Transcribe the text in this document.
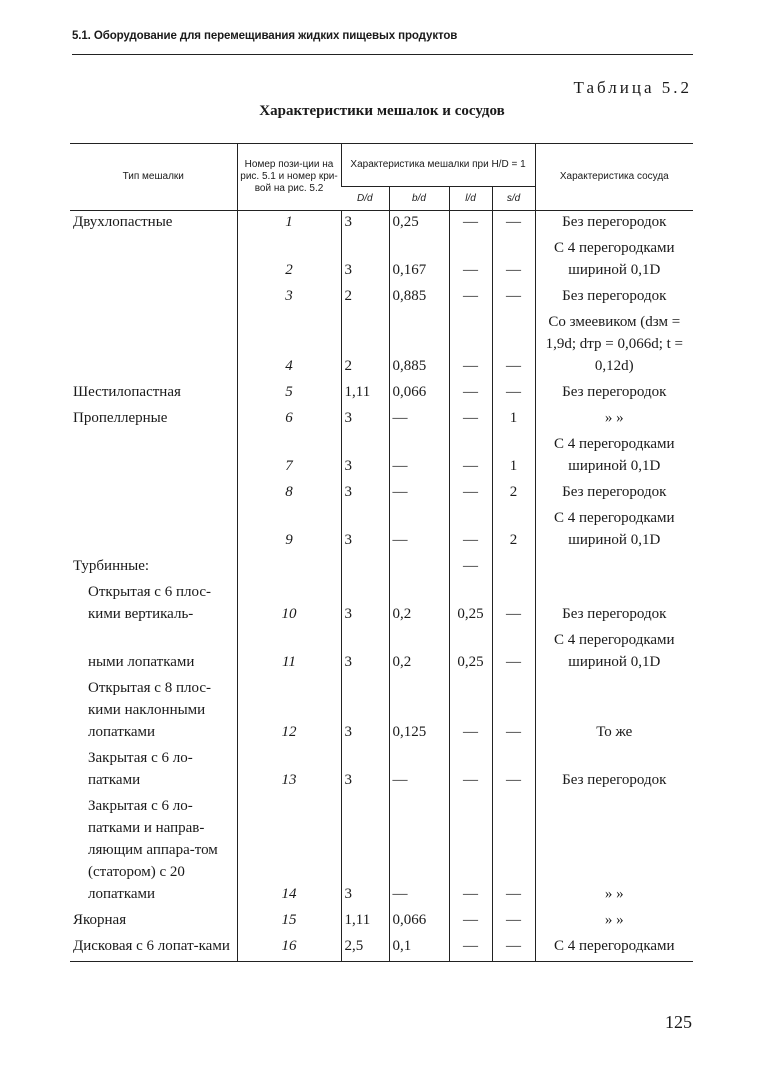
5.1. Оборудование для перемещивания жидких пищевых продуктов
Таблица 5.2
Характеристики мешалок и сосудов
Тип мешалки	Номер пози-ции на рис. 5.1 и номер кри-вой на рис. 5.2	Характеристика мешалки при H/D = 1				Характеристика сосуда
		D/d	b/d	l/d	s/d	
Двухлопастные	1	3	0,25	—	—	Без перегородок
	2	3	0,167	—	—	С 4 перегородками шириной 0,1D
	3	2	0,885	—	—	Без перегородок
	4	2	0,885	—	—	Со змеевиком (dзм = 1,9d; dтр = 0,066d; t = 0,12d)
Шестилопастная	5	1,11	0,066	—	—	Без перегородок
Пропеллерные	6	3	—	—	1	» »
	7	3	—	—	1	С 4 перегородками шириной 0,1D
	8	3	—	—	2	Без перегородок
	9	3	—	—	2	С 4 перегородками шириной 0,1D
Турбинные:				—		
Открытая с 6 плос-кими вертикаль-	10	3	0,2	0,25	—	Без перегородок
ными лопатками	11	3	0,2	0,25	—	С 4 перегородками шириной 0,1D
Открытая с 8 плос-кими наклонными лопатками	12	3	0,125	—	—	То же
Закрытая с 6 ло-патками	13	3	—	—	—	Без перегородок
Закрытая с 6 ло-патками и направ-ляющим аппара-том (статором) с 20 лопатками	14	3	—	—	—	» »
Якорная	15	1,11	0,066	—	—	» »
Дисковая с 6 лопат-ками	16	2,5	0,1	—	—	С 4 перегородками
125
